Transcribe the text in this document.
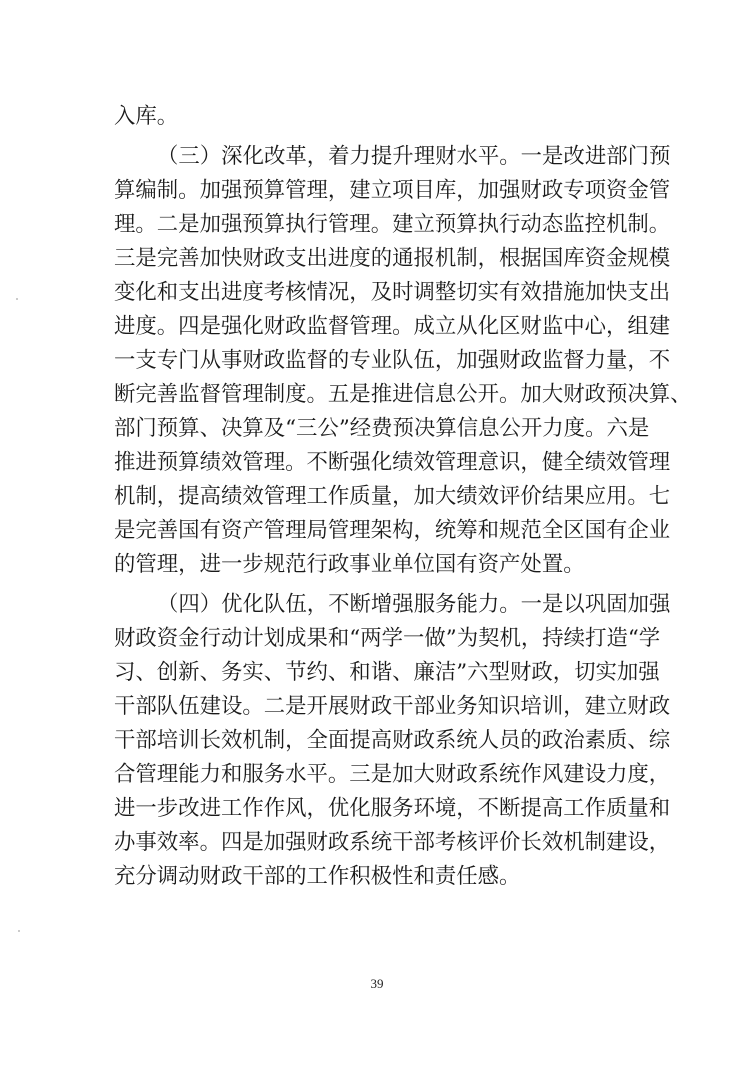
入库。
（三）深化改革，着力提升理财水平。一是改进部门预
算编制。加强预算管理，建立项目库，加强财政专项资金管
理。二是加强预算执行管理。建立预算执行动态监控机制。
三是完善加快财政支出进度的通报机制，根据国库资金规模
变化和支出进度考核情况，及时调整切实有效措施加快支出
进度。四是强化财政监督管理。成立从化区财监中心，组建
一支专门从事财政监督的专业队伍，加强财政监督力量，不
断完善监督管理制度。五是推进信息公开。加大财政预决算、
部门预算、决算及“三公”经费预决算信息公开力度。六是
推进预算绩效管理。不断强化绩效管理意识，健全绩效管理
机制，提高绩效管理工作质量，加大绩效评价结果应用。七
是完善国有资产管理局管理架构，统筹和规范全区国有企业
的管理，进一步规范行政事业单位国有资产处置。
（四）优化队伍，不断增强服务能力。一是以巩固加强
财政资金行动计划成果和“两学一做”为契机，持续打造“学
习、创新、务实、节约、和谐、廉洁”六型财政，切实加强
干部队伍建设。二是开展财政干部业务知识培训，建立财政
干部培训长效机制，全面提高财政系统人员的政治素质、综
合管理能力和服务水平。三是加大财政系统作风建设力度，
进一步改进工作作风，优化服务环境，不断提高工作质量和
办事效率。四是加强财政系统干部考核评价长效机制建设，
充分调动财政干部的工作积极性和责任感。
39
